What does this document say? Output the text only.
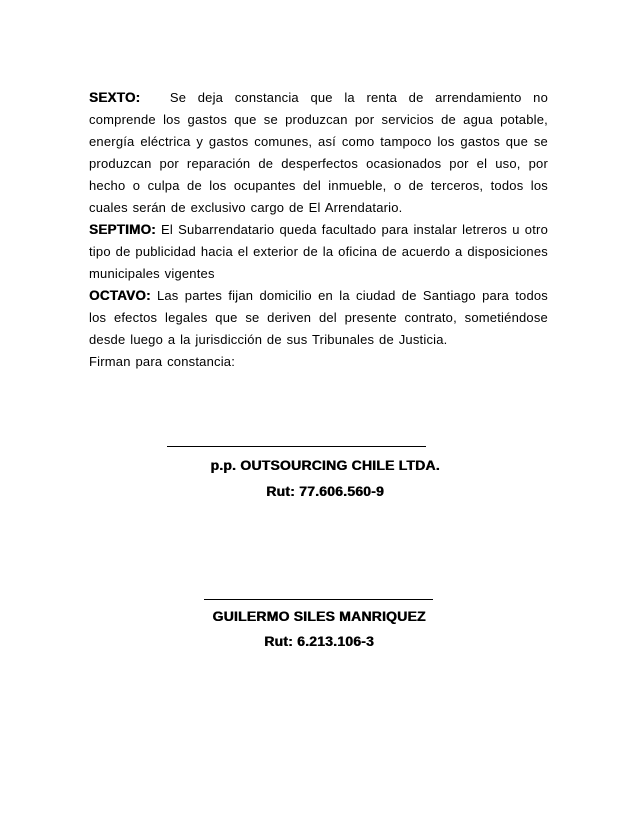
SEXTO: Se deja constancia que la renta de arrendamiento no comprende los gastos que se produzcan por servicios de agua potable, energía eléctrica y gastos comunes, así como tampoco los gastos que se produzcan por reparación de desperfectos ocasionados por el uso, por hecho o culpa de los ocupantes del inmueble, o de terceros, todos los cuales serán de exclusivo cargo de El Arrendatario.

SEPTIMO: El Subarrendatario queda facultado para instalar letreros u otro tipo de publicidad hacia el exterior de la oficina de acuerdo a disposiciones municipales vigentes

OCTAVO: Las partes fijan domicilio en la ciudad de Santiago para todos los efectos legales que se deriven del presente contrato, sometiéndose desde luego a la jurisdicción de sus Tribunales de Justicia.

Firman para constancia:

p.p. OUTSOURCING CHILE LTDA.
Rut: 77.606.560-9
GUILERMO SILES MANRIQUEZ
Rut: 6.213.106-3
